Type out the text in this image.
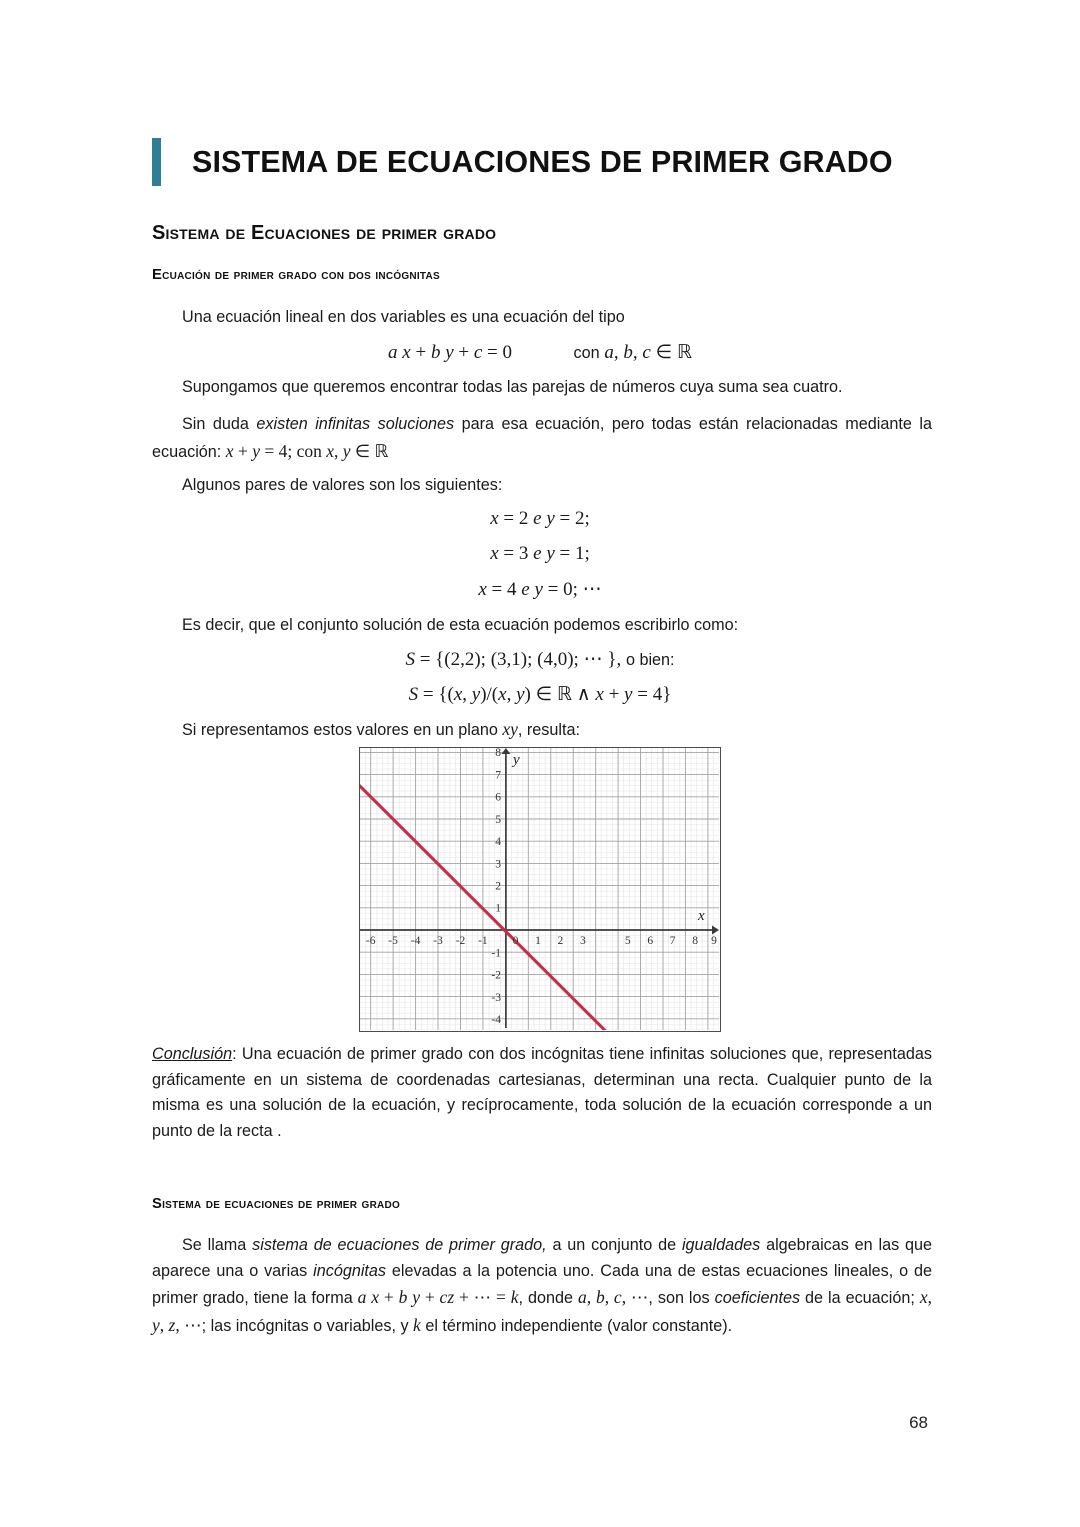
SISTEMA DE ECUACIONES DE PRIMER GRADO
Sistema de Ecuaciones de primer grado
Ecuación de primer grado con dos incógnitas
Una ecuación lineal en dos variables es una ecuación del tipo
a x + b y + c = 0	con a, b, c ∈ ℝ
Supongamos que queremos encontrar todas las parejas de números cuya suma sea cuatro.
Sin duda existen infinitas soluciones para esa ecuación, pero todas están relacionadas mediante la ecuación: x + y = 4; con x, y ∈ ℝ
Algunos pares de valores son los siguientes:
x = 2 e y = 2;
x = 3 e y = 1;
x = 4 e y = 0; ⋯
Es decir, que el conjunto solución de esta ecuación podemos escribirlo como:
S = {(2,2); (3,1); (4,0); ⋯ }, o bien:
S = {(x, y)/(x, y) ∈ ℝ ∧ x + y = 4}
Si representamos estos valores en un plano xy, resulta:
-6 -5 -4 -3 -2 -1 0 1 2 3	5 6 7 8 9
8
7
6
5
4
3
2
1
-1
-2
-3
-4
y
x
Conclusión: Una ecuación de primer grado con dos incógnitas tiene infinitas soluciones que, representadas gráficamente en un sistema de coordenadas cartesianas, determinan una recta. Cualquier punto de la misma es una solución de la ecuación, y recíprocamente, toda solución de la ecuación corresponde a un punto de la recta .
Sistema de ecuaciones de primer grado
Se llama sistema de ecuaciones de primer grado, a un conjunto de igualdades algebraicas en las que aparece una o varias incógnitas elevadas a la potencia uno. Cada una de estas ecuaciones lineales, o de primer grado, tiene la forma a x + b y + cz + ⋯ = k, donde a, b, c, ⋯, son los coeficientes de la ecuación; x, y, z, ⋯; las incógnitas o variables, y k el término independiente (valor constante).
68
